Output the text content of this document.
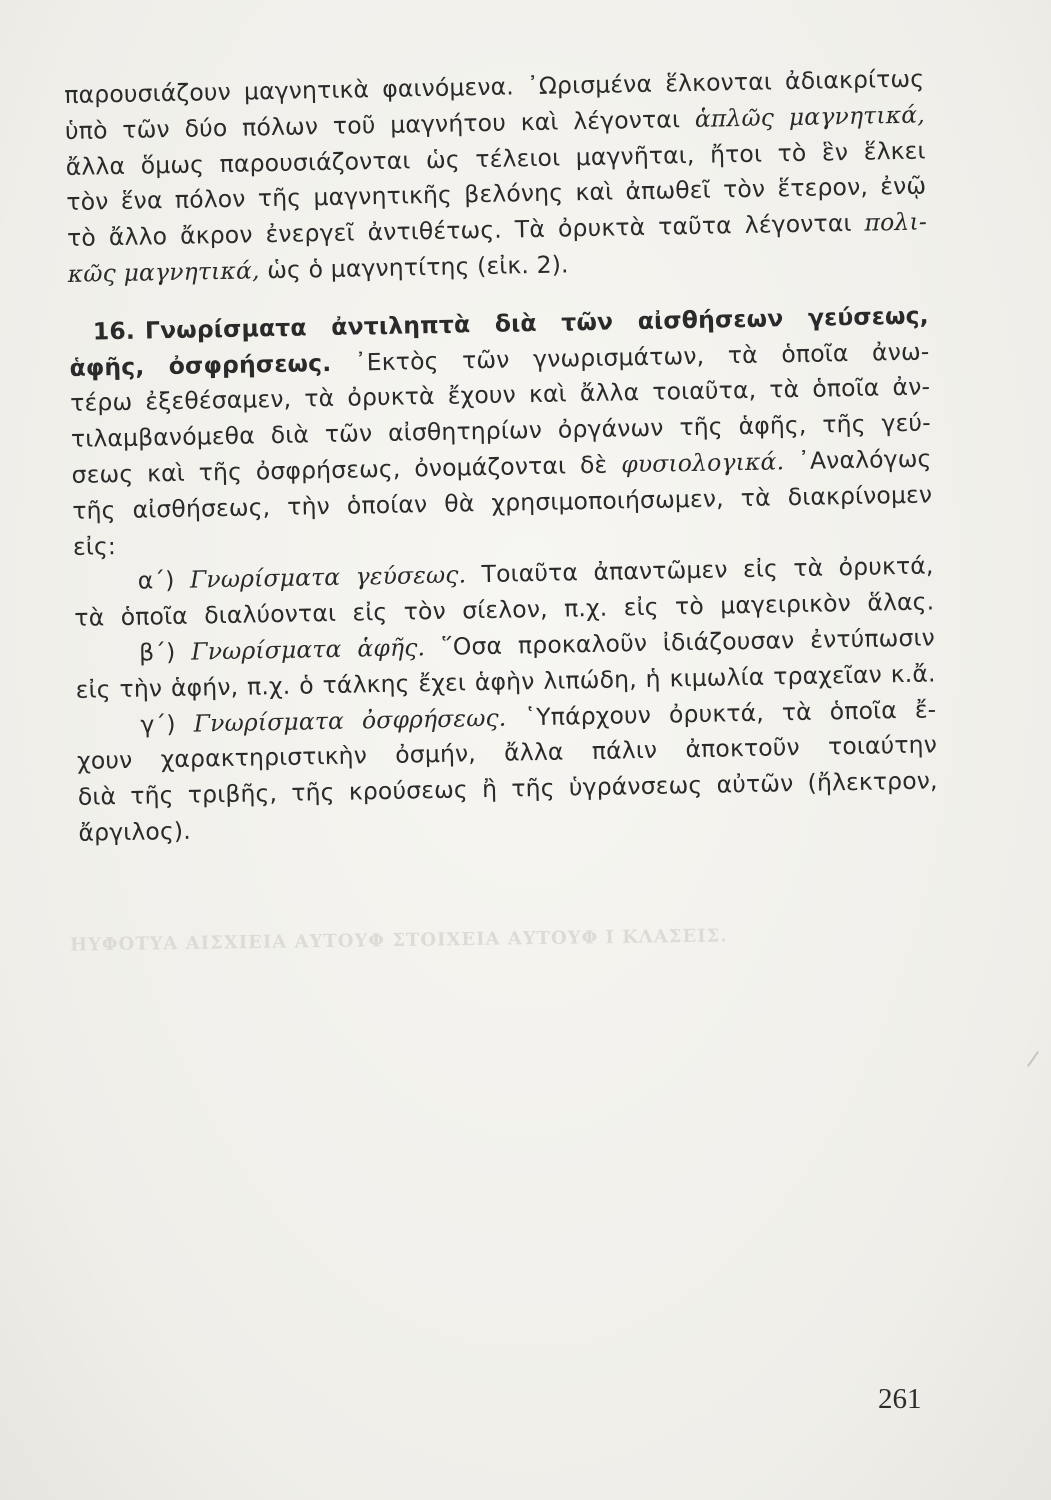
ΗΥΦΟΤΥΑ ΑΙΣΧΙΕΙΑ ΑΥΤΟΥΦ ΣΤΟΙΧΕΙΑ ΑΥΤΟΥΦ Ι ΚΛΑΣΕΙΣ.
παρουσιάζουν μαγνητικὰ φαινόμενα. ᾿Ωρισμένα ἕλκονται ἀδιακρίτως
ὑπὸ τῶν δύο πόλων τοῦ μαγνήτου καὶ λέγονται ἁπλῶς μαγνητικά,
ἄλλα ὅμως παρουσιάζονται ὡς τέλειοι μαγνῆται, ἤτοι τὸ ἓν ἕλκει
τὸν ἕνα πόλον τῆς μαγνητικῆς βελόνης καὶ ἀπωθεῖ τὸν ἕτερον, ἐνῷ
τὸ ἄλλο ἄκρον ἐνεργεῖ ἀντιθέτως. Τὰ ὀρυκτὰ ταῦτα λέγονται πολι-
κῶς μαγνητικά, ὡς ὁ μαγνητίτης (εἰκ. 2).
16. Γνωρίσματα ἀντιληπτὰ διὰ τῶν αἰσθήσεων γεύσεως,
ἁφῆς, ὀσφρήσεως. ᾿Εκτὸς τῶν γνωρισμάτων, τὰ ὁποῖα ἀνω-
τέρω ἐξεθέσαμεν, τὰ ὀρυκτὰ ἔχουν καὶ ἄλλα τοιαῦτα, τὰ ὁποῖα ἀν-
τιλαμβανόμεθα διὰ τῶν αἰσθητηρίων ὀργάνων τῆς ἁφῆς, τῆς γεύ-
σεως καὶ τῆς ὀσφρήσεως, ὀνομάζονται δὲ φυσιολογικά. ᾿Αναλόγως
τῆς αἰσθήσεως, τὴν ὁποίαν θὰ χρησιμοποιήσωμεν, τὰ διακρίνομεν
εἰς:
α΄) Γνωρίσματα γεύσεως. Τοιαῦτα ἀπαντῶμεν εἰς τὰ ὀρυκτά,
τὰ ὁποῖα διαλύονται εἰς τὸν σίελον, π.χ. εἰς τὸ μαγειρικὸν ἅλας.
β΄) Γνωρίσματα ἁφῆς. ῞Οσα προκαλοῦν ἰδιάζουσαν ἐντύπωσιν
εἰς τὴν ἁφήν, π.χ. ὁ τάλκης ἔχει ἁφὴν λιπώδη, ἡ κιμωλία τραχεῖαν κ.ἄ.
γ΄) Γνωρίσματα ὀσφρήσεως. ῾Υπάρχουν ὀρυκτά, τὰ ὁποῖα ἔ-
χουν χαρακτηριστικὴν ὀσμήν, ἄλλα πάλιν ἀποκτοῦν τοιαύτην
διὰ τῆς τριβῆς, τῆς κρούσεως ἢ τῆς ὑγράνσεως αὐτῶν (ἤλεκτρον,
ἄργιλος).
261
